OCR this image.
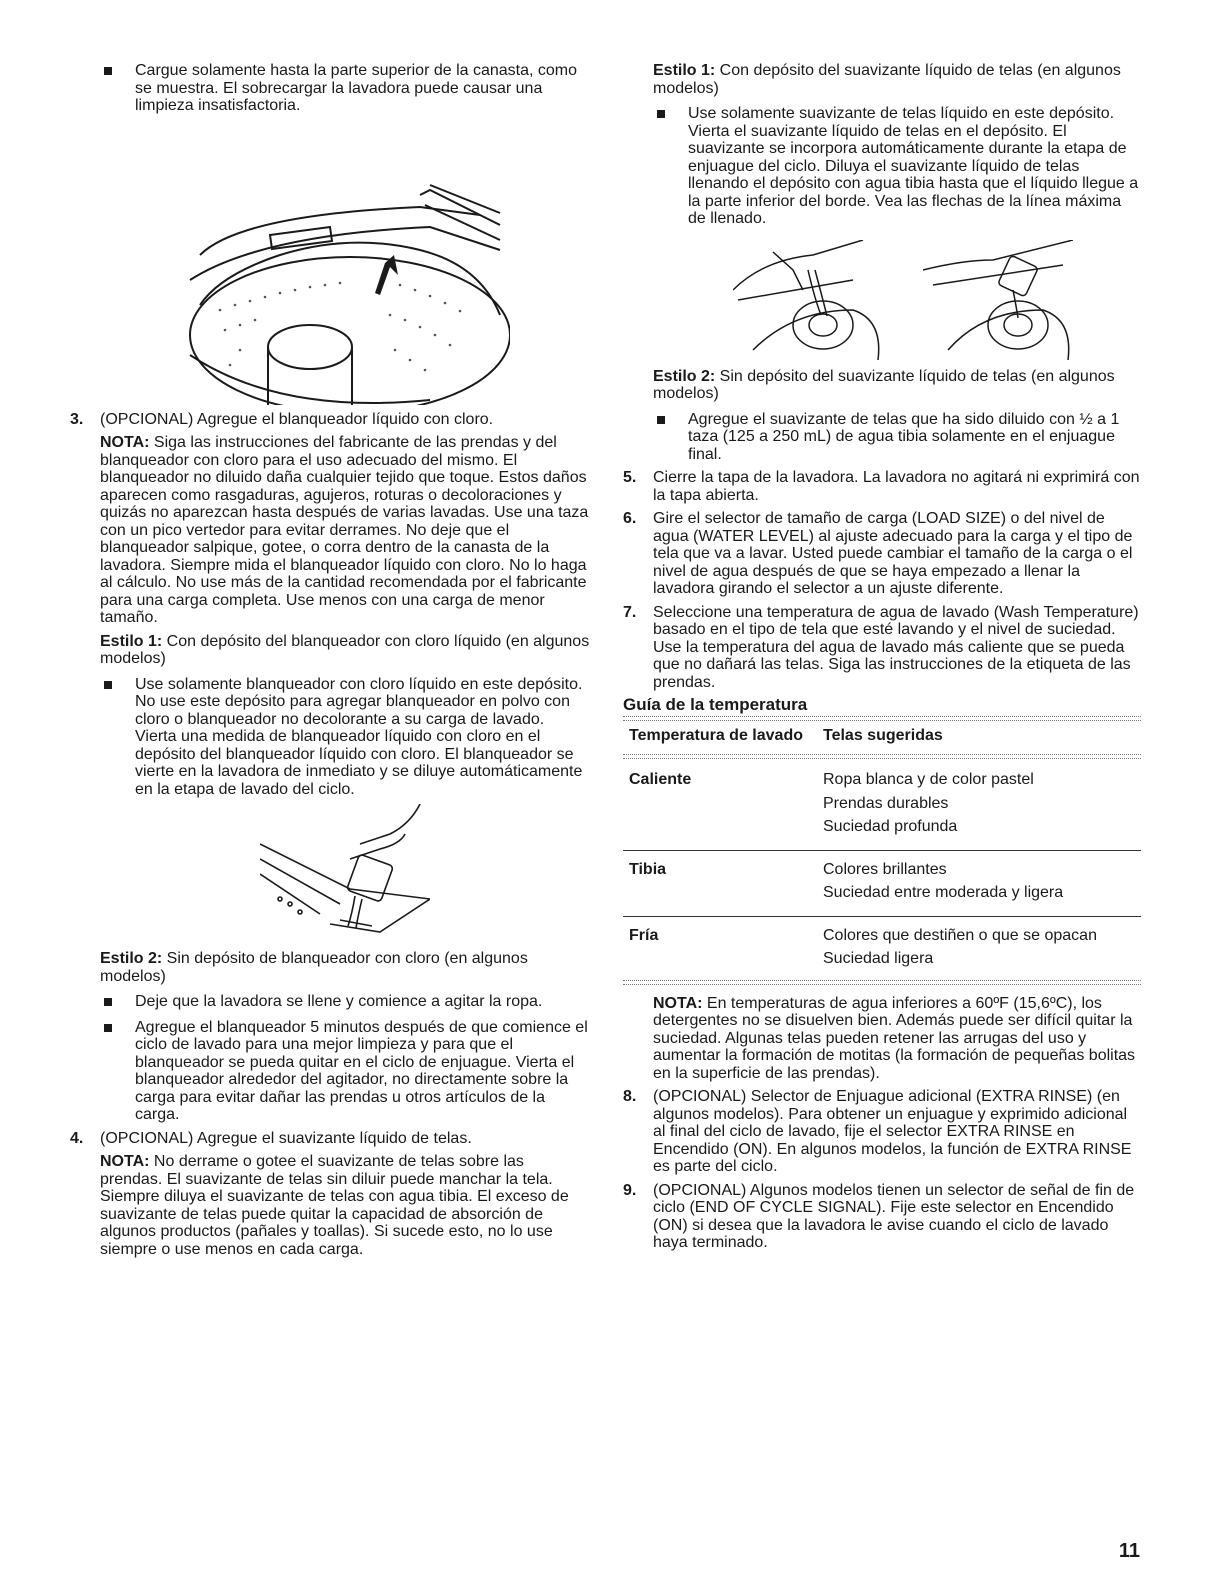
Cargue solamente hasta la parte superior de la canasta, como se muestra. El sobrecargar la lavadora puede causar una limpieza insatisfactoria.

3. (OPCIONAL) Agregue el blanqueador líquido con cloro.

NOTA: Siga las instrucciones del fabricante de las prendas y del blanqueador con cloro para el uso adecuado del mismo. El blanqueador no diluido daña cualquier tejido que toque. Estos daños aparecen como rasgaduras, agujeros, roturas o decoloraciones y quizás no aparezcan hasta después de varias lavadas. Use una taza con un pico vertedor para evitar derrames. No deje que el blanqueador salpique, gotee, o corra dentro de la canasta de la lavadora. Siempre mida el blanqueador líquido con cloro. No lo haga al cálculo. No use más de la cantidad recomendada por el fabricante para una carga completa. Use menos con una carga de menor tamaño.

Estilo 1: Con depósito del blanqueador con cloro líquido (en algunos modelos)

Use solamente blanqueador con cloro líquido en este depósito. No use este depósito para agregar blanqueador en polvo con cloro o blanqueador no decolorante a su carga de lavado. Vierta una medida de blanqueador líquido con cloro en el depósito del blanqueador líquido con cloro. El blanqueador se vierte en la lavadora de inmediato y se diluye automáticamente en la etapa de lavado del ciclo.

Estilo 2: Sin depósito de blanqueador con cloro (en algunos modelos)

Deje que la lavadora se llene y comience a agitar la ropa.

Agregue el blanqueador 5 minutos después de que comience el ciclo de lavado para una mejor limpieza y para que el blanqueador se pueda quitar en el ciclo de enjuague. Vierta el blanqueador alrededor del agitador, no directamente sobre la carga para evitar dañar las prendas u otros artículos de la carga.

4. (OPCIONAL) Agregue el suavizante líquido de telas.

NOTA: No derrame o gotee el suavizante de telas sobre las prendas. El suavizante de telas sin diluir puede manchar la tela. Siempre diluya el suavizante de telas con agua tibia. El exceso de suavizante de telas puede quitar la capacidad de absorción de algunos productos (pañales y toallas). Si sucede esto, no lo use siempre o use menos en cada carga.

Estilo 1: Con depósito del suavizante líquido de telas (en algunos modelos)

Use solamente suavizante de telas líquido en este depósito. Vierta el suavizante líquido de telas en el depósito. El suavizante se incorpora automáticamente durante la etapa de enjuague del ciclo. Diluya el suavizante líquido de telas llenando el depósito con agua tibia hasta que el líquido llegue a la parte inferior del borde. Vea las flechas de la línea máxima de llenado.

Estilo 2: Sin depósito del suavizante líquido de telas (en algunos modelos)

Agregue el suavizante de telas que ha sido diluido con ½ a 1 taza (125 a 250 mL) de agua tibia solamente en el enjuague final.

5. Cierre la tapa de la lavadora. La lavadora no agitará ni exprimirá con la tapa abierta.

6. Gire el selector de tamaño de carga (LOAD SIZE) o del nivel de agua (WATER LEVEL) al ajuste adecuado para la carga y el tipo de tela que va a lavar. Usted puede cambiar el tamaño de la carga o el nivel de agua después de que se haya empezado a llenar la lavadora girando el selector a un ajuste diferente.

7. Seleccione una temperatura de agua de lavado (Wash Temperature) basado en el tipo de tela que esté lavando y el nivel de suciedad. Use la temperatura del agua de lavado más caliente que se pueda que no dañará las telas. Siga las instrucciones de la etiqueta de las prendas.

Guía de la temperatura
Temperatura de lavado	Telas sugeridas
Caliente	Ropa blanca y de color pastel
Prendas durables
Suciedad profunda
Tibia	Colores brillantes
Suciedad entre moderada y ligera
Fría	Colores que destiñen o que se opacan
Suciedad ligera

NOTA: En temperaturas de agua inferiores a 60ºF (15,6ºC), los detergentes no se disuelven bien. Además puede ser difícil quitar la suciedad. Algunas telas pueden retener las arrugas del uso y aumentar la formación de motitas (la formación de pequeñas bolitas en la superficie de las prendas).

8. (OPCIONAL) Selector de Enjuague adicional (EXTRA RINSE) (en algunos modelos). Para obtener un enjuague y exprimido adicional al final del ciclo de lavado, fije el selector EXTRA RINSE en Encendido (ON). En algunos modelos, la función de EXTRA RINSE es parte del ciclo.

9. (OPCIONAL) Algunos modelos tienen un selector de señal de fin de ciclo (END OF CYCLE SIGNAL). Fije este selector en Encendido (ON) si desea que la lavadora le avise cuando el ciclo de lavado haya terminado.

11
